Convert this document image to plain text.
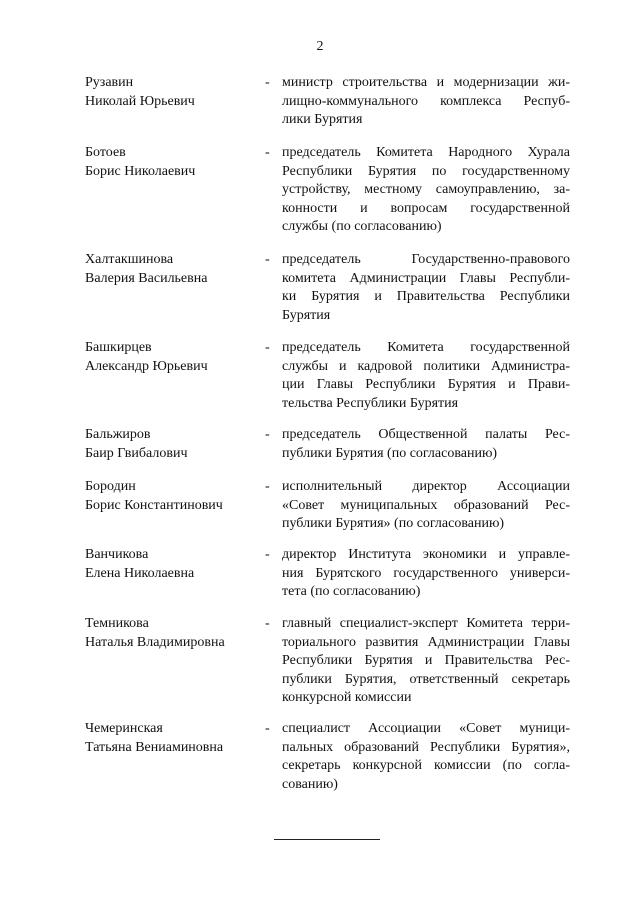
2
Рузавин
Николай Юрьевич
- министр строительства и модернизации жи-
лищно-коммунального комплекса Респуб-
лики Бурятия
Ботоев
Борис Николаевич
- председатель Комитета Народного Хурала
Республики Бурятия по государственному
устройству, местному самоуправлению, за-
конности и вопросам государственной
службы (по согласованию)
Халтакшинова
Валерия Васильевна
- председатель Государственно-правового
комитета Администрации Главы Республи-
ки Бурятия и Правительства Республики
Бурятия
Башкирцев
Александр Юрьевич
- председатель Комитета государственной
службы и кадровой политики Администра-
ции Главы Республики Бурятия и Прави-
тельства Республики Бурятия
Бальжиров
Баир Гвибалович
- председатель Общественной палаты Рес-
публики Бурятия (по согласованию)
Бородин
Борис Константинович
- исполнительный директор Ассоциации
«Совет муниципальных образований Рес-
публики Бурятия» (по согласованию)
Ванчикова
Елена Николаевна
- директор Института экономики и управле-
ния Бурятского государственного универси-
тета (по согласованию)
Темникова
Наталья Владимировна
- главный специалист-эксперт Комитета терри-
ториального развития Администрации Главы
Республики Бурятия и Правительства Рес-
публики Бурятия, ответственный секретарь
конкурсной комиссии
Чемеринская
Татьяна Вениаминовна
- специалист Ассоциации «Совет муници-
пальных образований Республики Бурятия»,
секретарь конкурсной комиссии (по согла-
сованию)
